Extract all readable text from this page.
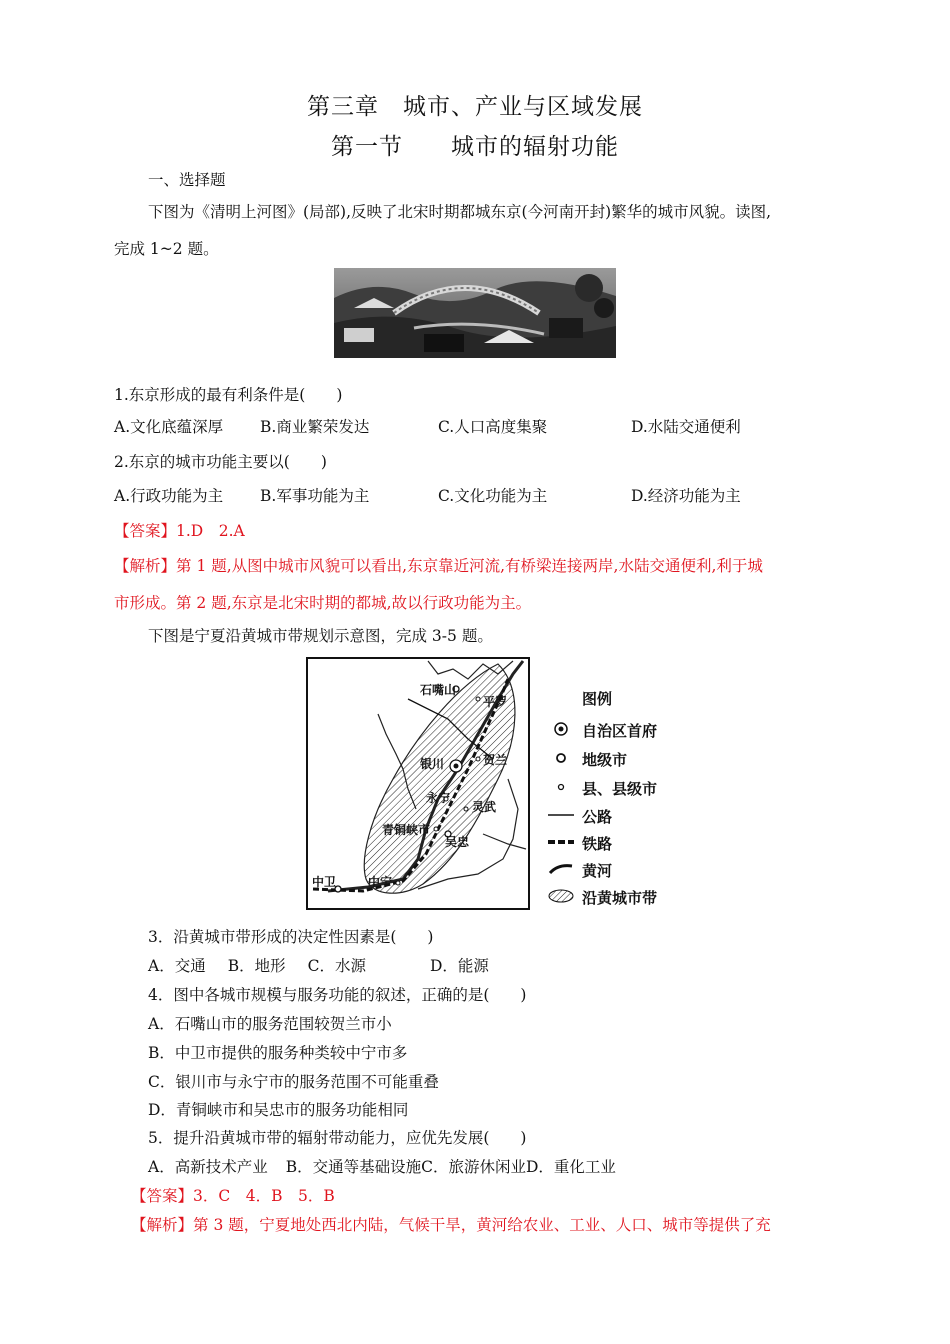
第三章　城市、产业与区域发展
第一节　　城市的辐射功能
一、选择题
下图为《清明上河图》(局部),反映了北宋时期都城东京(今河南开封)繁华的城市风貌。读图,
完成 1~2 题。
1.东京形成的最有利条件是(　　)
A.文化底蕴深厚 B.商业繁荣发达	C.人口高度集聚	D.水陆交通便利
2.东京的城市功能主要以(　　)
A.行政功能为主 B.军事功能为主	C.文化功能为主	D.经济功能为主
【答案】1.D　2.A
【解析】第 1 题,从图中城市风貌可以看出,东京靠近河流,有桥梁连接两岸,水陆交通便利,利于城
市形成。第 2 题,东京是北宋时期的都城,故以行政功能为主。
下图是宁夏沿黄城市带规划示意图，完成 3-5 题。
石嘴山
平罗
银川	贺兰
永宁
灵武
青铜峡市
吴忠
中卫	中宁
图例
自治区首府
地级市
县、县级市
公路
铁路
黄河
沿黄城市带
3．沿黄城市带形成的决定性因素是(　　)
A．交通 B．地形 C．水源	D．能源
4．图中各城市规模与服务功能的叙述，正确的是(　　)
A．石嘴山市的服务范围较贺兰市小
B．中卫市提供的服务种类较中宁市多
C．银川市与永宁市的服务范围不可能重叠
D．青铜峡市和吴忠市的服务功能相同
5．提升沿黄城市带的辐射带动能力，应优先发展(　　)
A．高新技术产业 B．交通等基础设施C．旅游休闲业D．重化工业
【答案】3．C　4．B　5．B
【解析】第 3 题，宁夏地处西北内陆，气候干旱，黄河给农业、工业、人口、城市等提供了充
